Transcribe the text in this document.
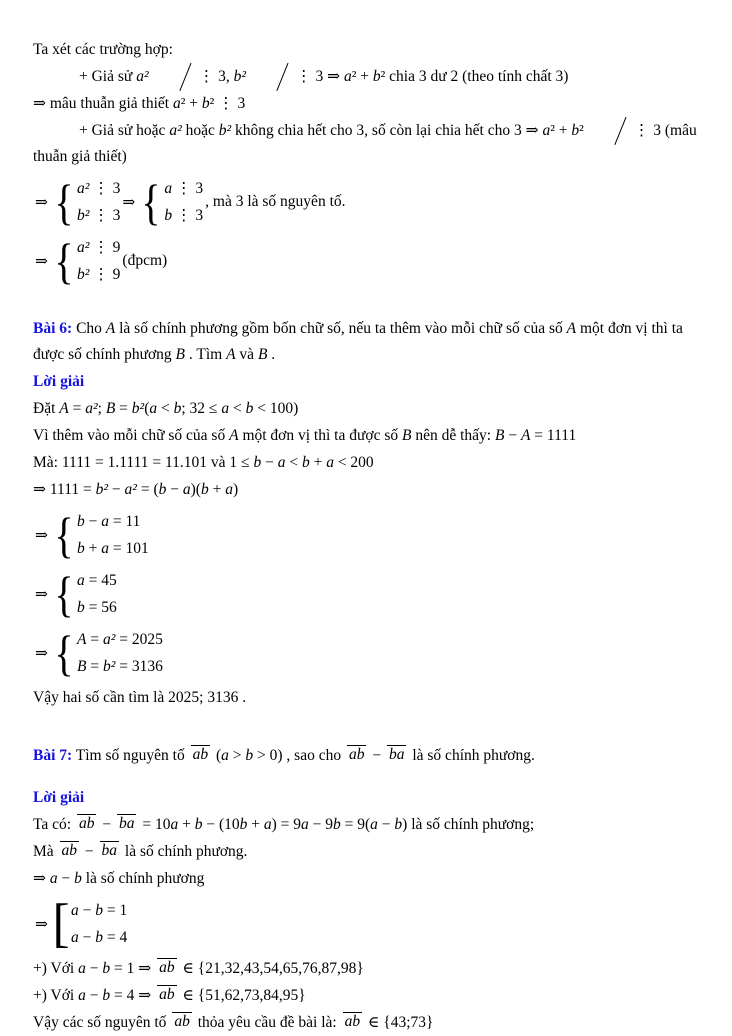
Ta xét các trường hợp:
+ Giả sử a²	⋮ 3, b²	⋮ 3 ⇒ a² + b² chia 3 dư 2 (theo tính chất 3)
⇒ mâu thuẫn giả thiết a² + b² ⋮ 3
+ Giả sử hoặc a² hoặc b² không chia hết cho 3, số còn lại chia hết cho 3 ⇒ a² + b²	⋮ 3 (mâu thuẫn giả thiết)
⇒ { a² ⋮ 3
b² ⋮ 3
⇒ { a ⋮ 3
b ⋮ 3
, mà 3 là số nguyên tố.
⇒ { a² ⋮ 9
b² ⋮ 9
(đpcm)
Bài 6: Cho A là số chính phương gồm bốn chữ số, nếu ta thêm vào mỗi chữ số của số A một đơn vị thì ta được số chính phương B . Tìm A và B .
Lời giải
Đặt A = a²; B = b²(a < b; 32 ≤ a < b < 100)
Vì thêm vào mỗi chữ số của số A một đơn vị thì ta được số B nên dễ thấy: B − A = 1111
Mà: 1111 = 1.1111 = 11.101 và 1 ≤ b − a < b + a < 200
⇒ 1111 = b² − a² = (b − a)(b + a)
⇒ { b − a = 11
b + a = 101
⇒ { a = 45
b = 56
⇒ { A = a² = 2025
B = b² = 3136
Vậy hai số cần tìm là 2025; 3136 .
Bài 7: Tìm số nguyên tố ab (a > b > 0) , sao cho ab − ba là số chính phương.
Lời giải
Ta có: ab − ba = 10a + b − (10b + a) = 9a − 9b = 9(a − b) là số chính phương;
Mà ab − ba là số chính phương.
⇒ a − b là số chính phương
⇒ [ a − b = 1
a − b = 4
+) Với a − b = 1 ⇒ ab ∈ {21,32,43,54,65,76,87,98}
+) Với a − b = 4 ⇒ ab ∈ {51,62,73,84,95}
Vậy các số nguyên tố ab thỏa yêu cầu đề bài là: ab ∈ {43;73}
